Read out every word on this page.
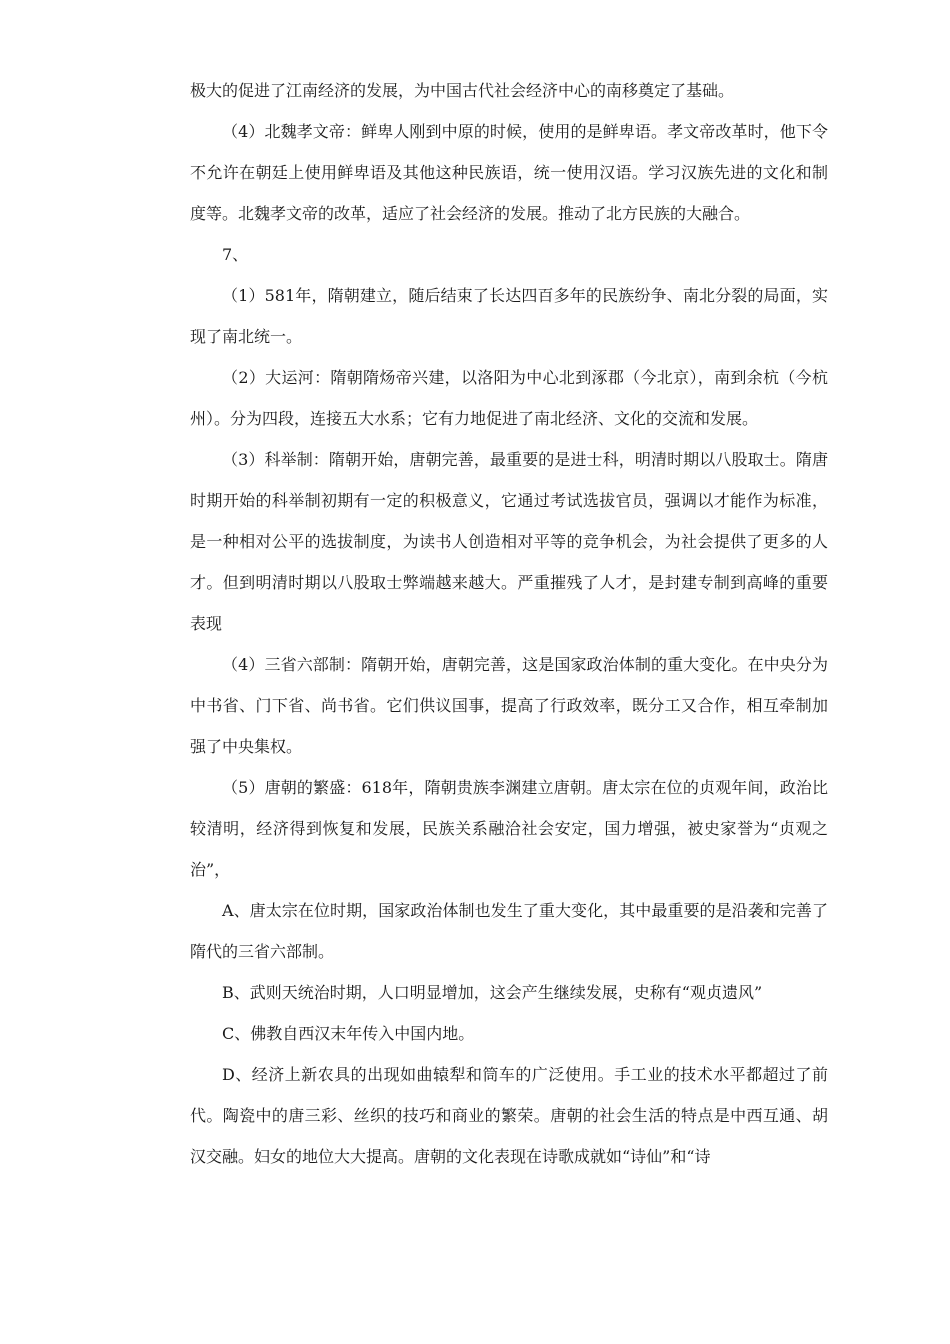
极大的促进了江南经济的发展，为中国古代社会经济中心的南移奠定了基础。

（4）北魏孝文帝：鲜卑人刚到中原的时候，使用的是鲜卑语。孝文帝改革时，他下令不允许在朝廷上使用鲜卑语及其他这种民族语，统一使用汉语。学习汉族先进的文化和制度等。北魏孝文帝的改革，适应了社会经济的发展。推动了北方民族的大融合。

7、

（1）581年，隋朝建立，随后结束了长达四百多年的民族纷争、南北分裂的局面，实现了南北统一。

（2）大运河：隋朝隋炀帝兴建，以洛阳为中心北到涿郡（今北京），南到余杭（今杭州）。分为四段，连接五大水系；它有力地促进了南北经济、文化的交流和发展。

（3）科举制：隋朝开始，唐朝完善，最重要的是进士科，明清时期以八股取士。隋唐时期开始的科举制初期有一定的积极意义，它通过考试选拔官员，强调以才能作为标准，是一种相对公平的选拔制度，为读书人创造相对平等的竞争机会，为社会提供了更多的人才。但到明清时期以八股取士弊端越来越大。严重摧残了人才，是封建专制到高峰的重要表现

（4）三省六部制：隋朝开始，唐朝完善，这是国家政治体制的重大变化。在中央分为中书省、门下省、尚书省。它们供议国事，提高了行政效率，既分工又合作，相互牵制加强了中央集权。

（5）唐朝的繁盛：618年，隋朝贵族李渊建立唐朝。唐太宗在位的贞观年间，政治比较清明，经济得到恢复和发展，民族关系融洽社会安定，国力增强，被史家誉为“贞观之治”，

A、唐太宗在位时期，国家政治体制也发生了重大变化，其中最重要的是沿袭和完善了隋代的三省六部制。

B、武则天统治时期，人口明显增加，这会产生继续发展，史称有“观贞遗风”

C、佛教自西汉末年传入中国内地。

D、经济上新农具的出现如曲辕犁和筒车的广泛使用。手工业的技术水平都超过了前代。陶瓷中的唐三彩、丝织的技巧和商业的繁荣。唐朝的社会生活的特点是中西互通、胡汉交融。妇女的地位大大提高。唐朝的文化表现在诗歌成就如“诗仙”和“诗
